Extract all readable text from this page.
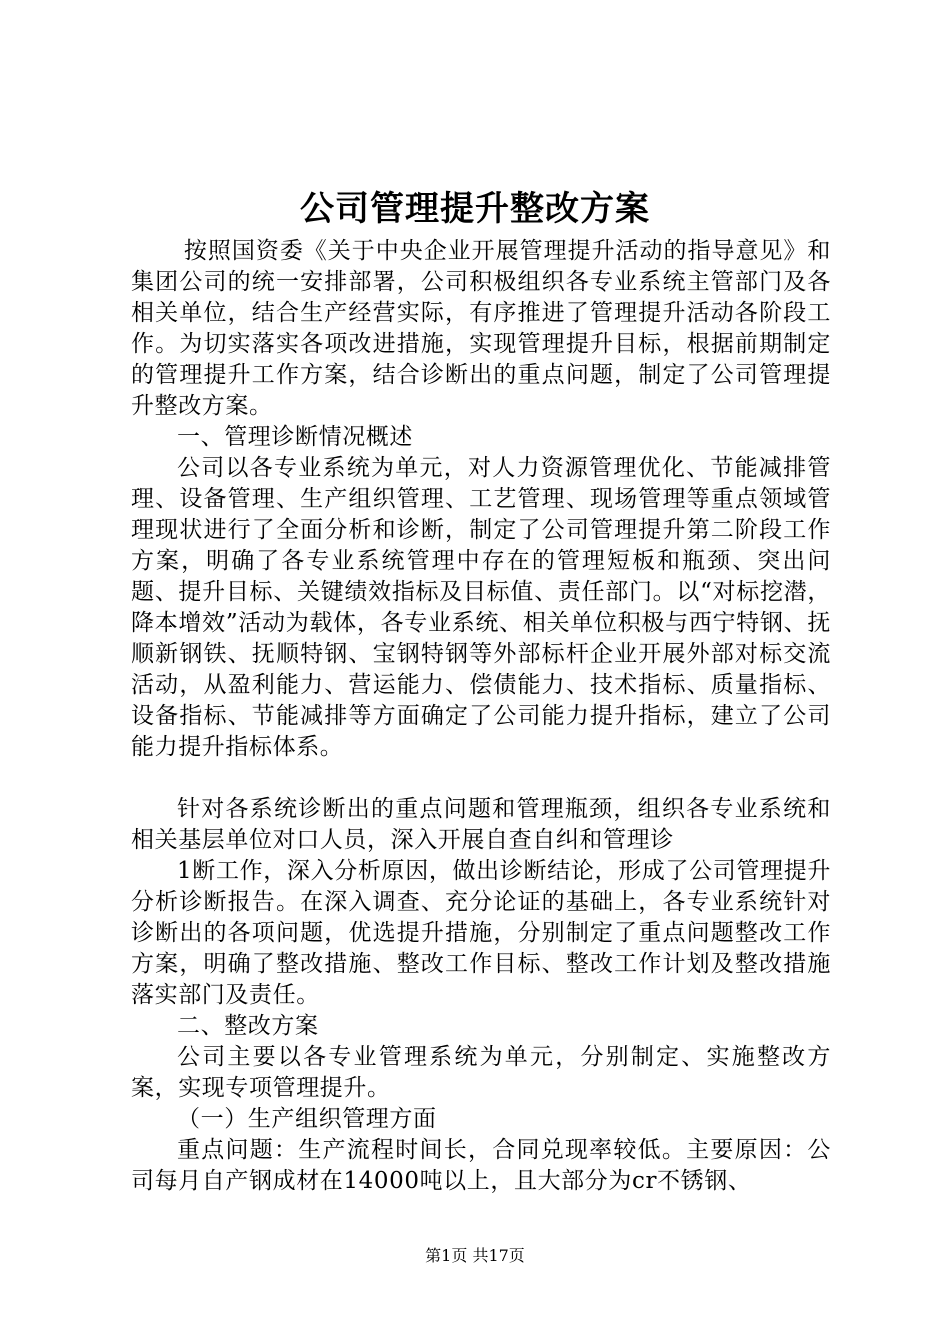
公司管理提升整改方案

按照国资委《关于中央企业开展管理提升活动的指导意见》和集团公司的统一安排部署，公司积极组织各专业系统主管部门及各相关单位，结合生产经营实际，有序推进了管理提升活动各阶段工作。为切实落实各项改进措施，实现管理提升目标，根据前期制定的管理提升工作方案，结合诊断出的重点问题，制定了公司管理提升整改方案。

一、管理诊断情况概述

公司以各专业系统为单元，对人力资源管理优化、节能减排管理、设备管理、生产组织管理、工艺管理、现场管理等重点领域管理现状进行了全面分析和诊断，制定了公司管理提升第二阶段工作方案，明确了各专业系统管理中存在的管理短板和瓶颈、突出问题、提升目标、关键绩效指标及目标值、责任部门。以“对标挖潜，降本增效”活动为载体，各专业系统、相关单位积极与西宁特钢、抚顺新钢铁、抚顺特钢、宝钢特钢等外部标杆企业开展外部对标交流活动，从盈利能力、营运能力、偿债能力、技术指标、质量指标、设备指标、节能减排等方面确定了公司能力提升指标，建立了公司能力提升指标体系。

针对各系统诊断出的重点问题和管理瓶颈，组织各专业系统和相关基层单位对口人员，深入开展自查自纠和管理诊

1断工作，深入分析原因，做出诊断结论，形成了公司管理提升分析诊断报告。在深入调查、充分论证的基础上，各专业系统针对诊断出的各项问题，优选提升措施，分别制定了重点问题整改工作方案，明确了整改措施、整改工作目标、整改工作计划及整改措施落实部门及责任。

二、整改方案

公司主要以各专业管理系统为单元，分别制定、实施整改方案，实现专项管理提升。

（一）生产组织管理方面

重点问题：生产流程时间长，合同兑现率较低。主要原因：公司每月自产钢成材在14000吨以上，且大部分为cr不锈钢、

第1页 共17页
